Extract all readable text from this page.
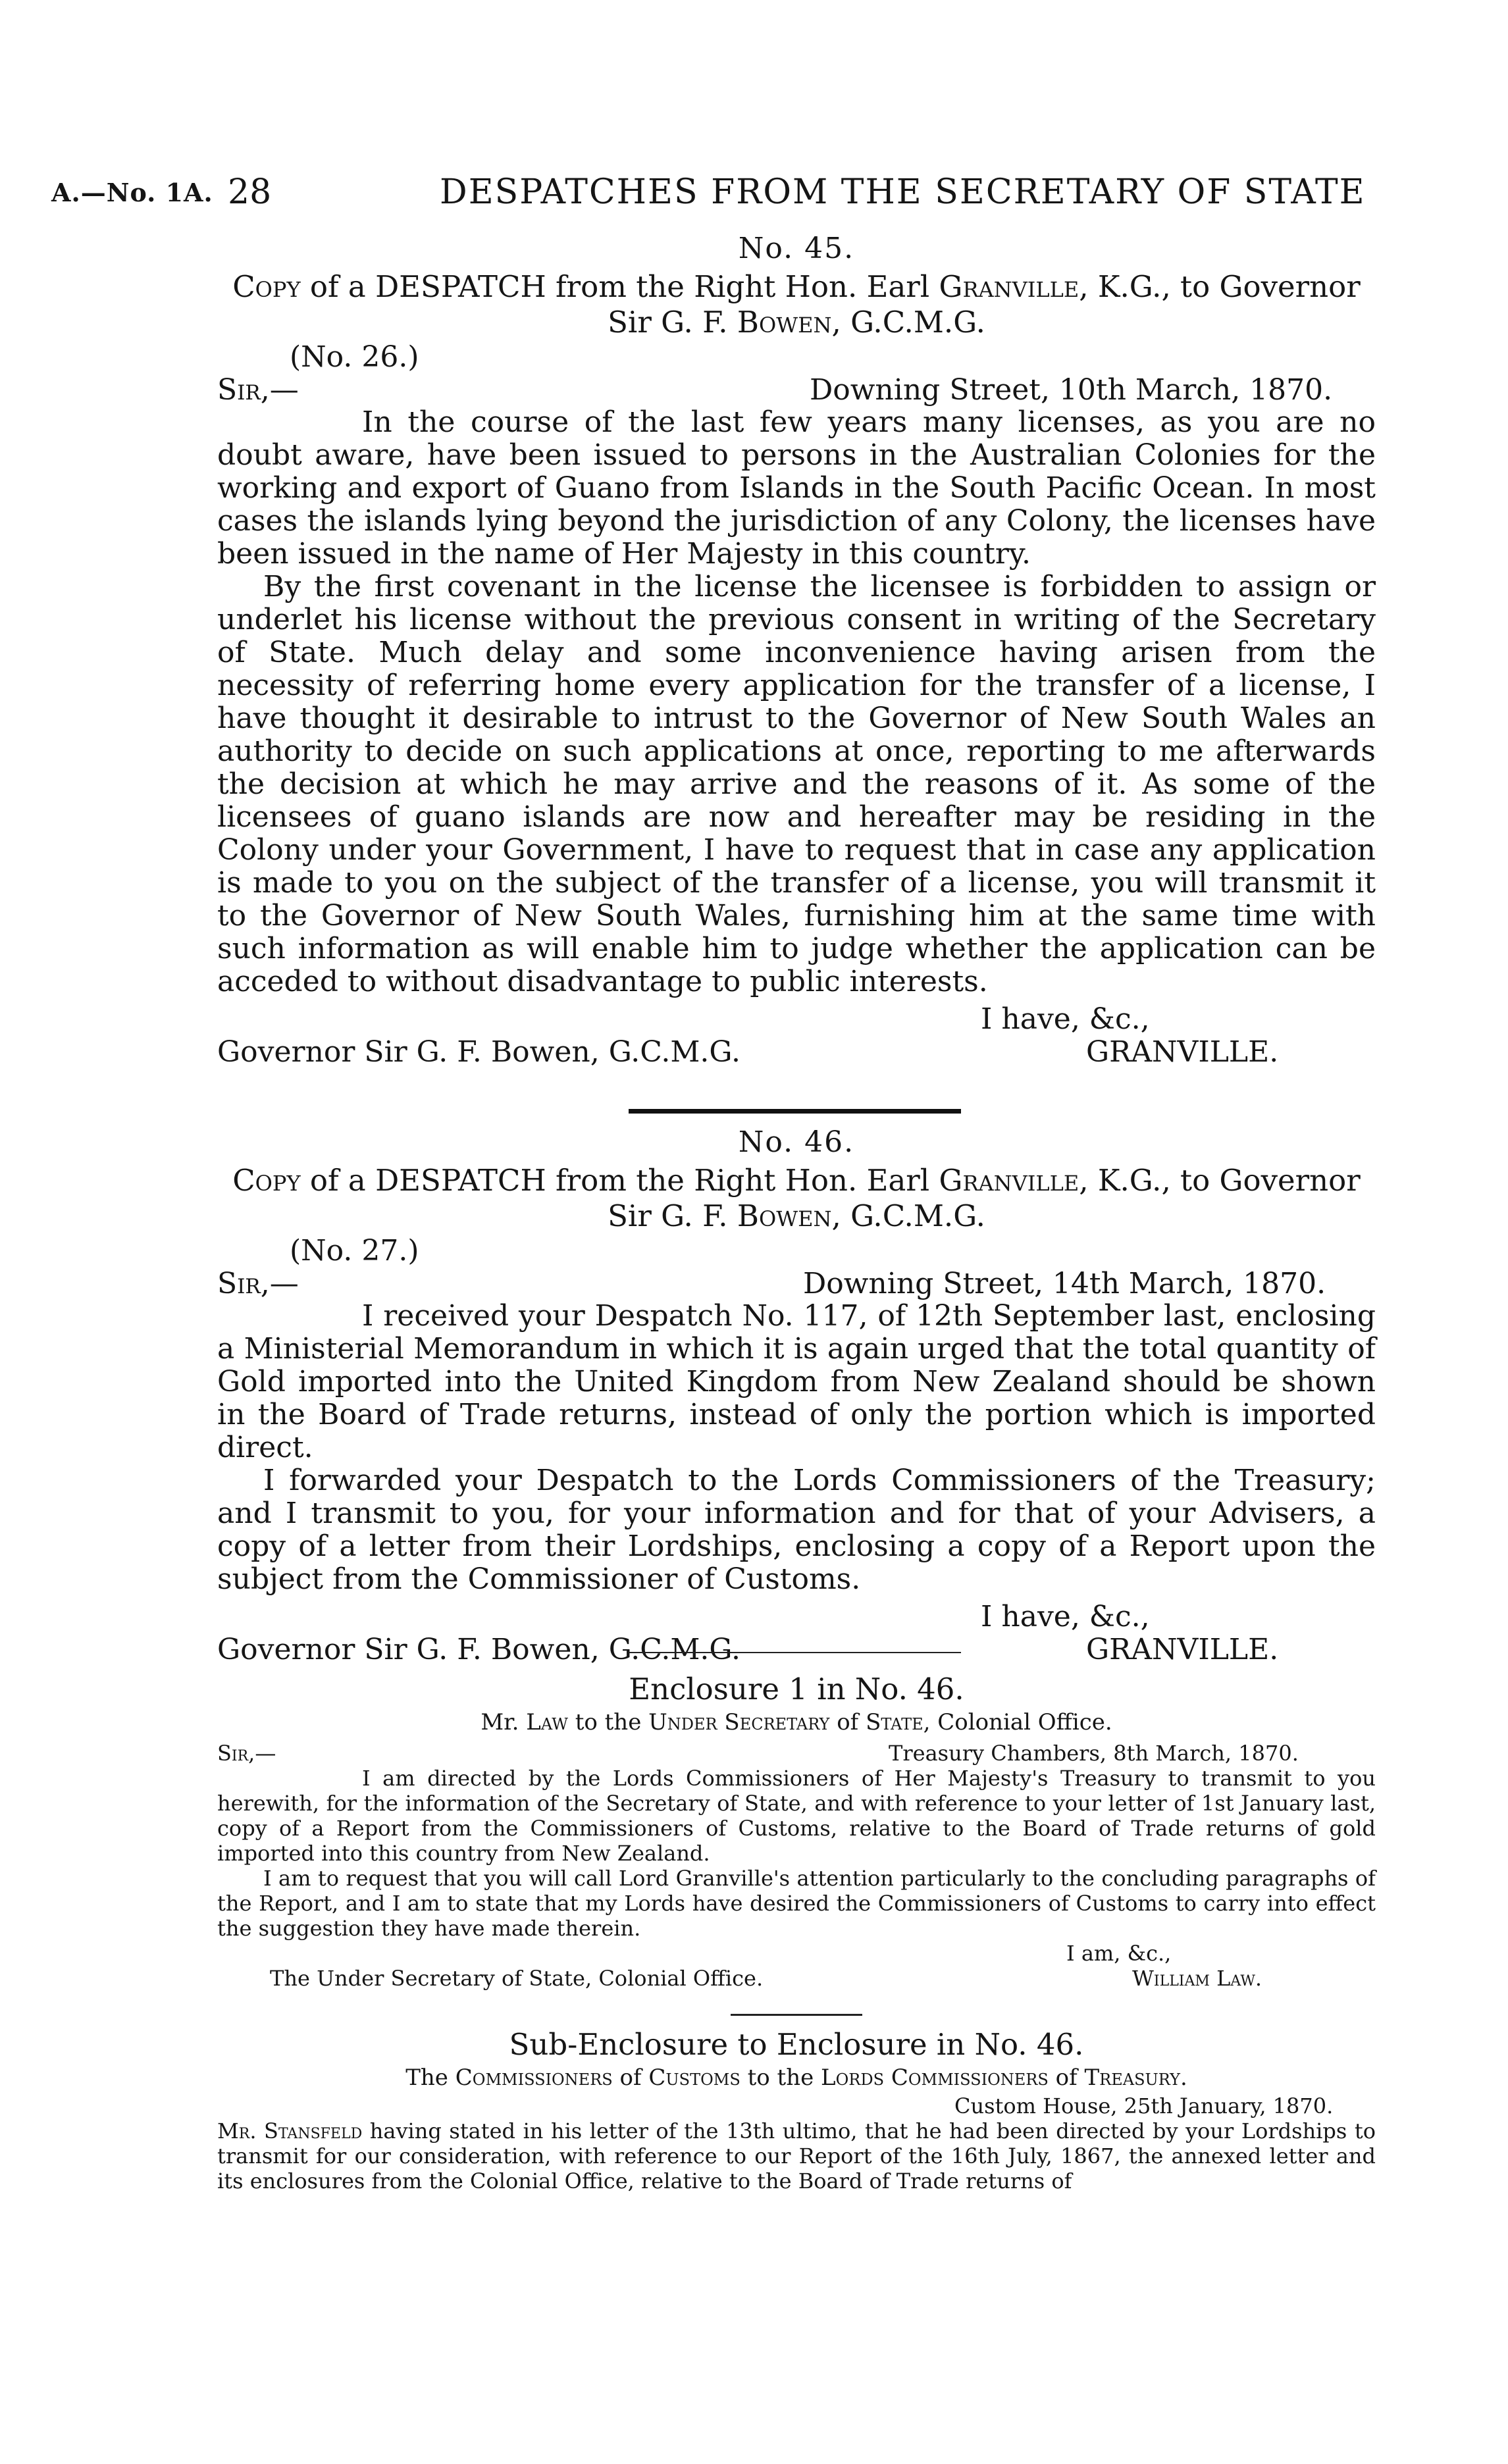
A.—No. 1A. 28	DESPATCHES FROM THE SECRETARY OF STATE
No. 45.
Copy of a DESPATCH from the Right Hon. Earl Granville, K.G., to Governor
Sir G. F. Bowen, G.C.M.G.
(No. 26.)
Sir,—	Downing Street, 10th March, 1870.

In the course of the last few years many licenses, as you are no doubt aware, have been issued to persons in the Australian Colonies for the working and export of Guano from Islands in the South Pacific Ocean. In most cases the islands lying beyond the jurisdiction of any Colony, the licenses have been issued in the name of Her Majesty in this country.

By the first covenant in the license the licensee is forbidden to assign or underlet his license without the previous consent in writing of the Secretary of State. Much delay and some inconvenience having arisen from the necessity of referring home every application for the transfer of a license, I have thought it desirable to intrust to the Governor of New South Wales an authority to decide on such applications at once, reporting to me afterwards the decision at which he may arrive and the reasons of it. As some of the licensees of guano islands are now and hereafter may be residing in the Colony under your Government, I have to request that in case any application is made to you on the subject of the transfer of a license, you will transmit it to the Governor of New South Wales, furnishing him at the same time with such information as will enable him to judge whether the application can be acceded to without disadvantage to public interests.

I have, &c.,
Governor Sir G. F. Bowen, G.C.M.G.	GRANVILLE.
No. 46.
Copy of a DESPATCH from the Right Hon. Earl Granville, K.G., to Governor
Sir G. F. Bowen, G.C.M.G.
(No. 27.)
Sir,—	Downing Street, 14th March, 1870.

I received your Despatch No. 117, of 12th September last, enclosing a Ministerial Memorandum in which it is again urged that the total quantity of Gold imported into the United Kingdom from New Zealand should be shown in the Board of Trade returns, instead of only the portion which is imported direct.

I forwarded your Despatch to the Lords Commissioners of the Treasury; and I transmit to you, for your information and for that of your Advisers, a copy of a letter from their Lordships, enclosing a copy of a Report upon the subject from the Commissioner of Customs.

I have, &c.,
Governor Sir G. F. Bowen, G.C.M.G.	GRANVILLE.
Enclosure 1 in No. 46.
Mr. Law to the Under Secretary of State, Colonial Office.
Sir,—	Treasury Chambers, 8th March, 1870.

I am directed by the Lords Commissioners of Her Majesty's Treasury to transmit to you herewith, for the information of the Secretary of State, and with reference to your letter of 1st January last, copy of a Report from the Commissioners of Customs, relative to the Board of Trade returns of gold imported into this country from New Zealand.

I am to request that you will call Lord Granville's attention particularly to the concluding paragraphs of the Report, and I am to state that my Lords have desired the Commissioners of Customs to carry into effect the suggestion they have made therein.

I am, &c.,
The Under Secretary of State, Colonial Office.	William Law.
Sub-Enclosure to Enclosure in No. 46.
The Commissioners of Customs to the Lords Commissioners of Treasury.
Custom House, 25th January, 1870.

Mr. Stansfeld having stated in his letter of the 13th ultimo, that he had been directed by your Lordships to transmit for our consideration, with reference to our Report of the 16th July, 1867, the annexed letter and its enclosures from the Colonial Office, relative to the Board of Trade returns of
